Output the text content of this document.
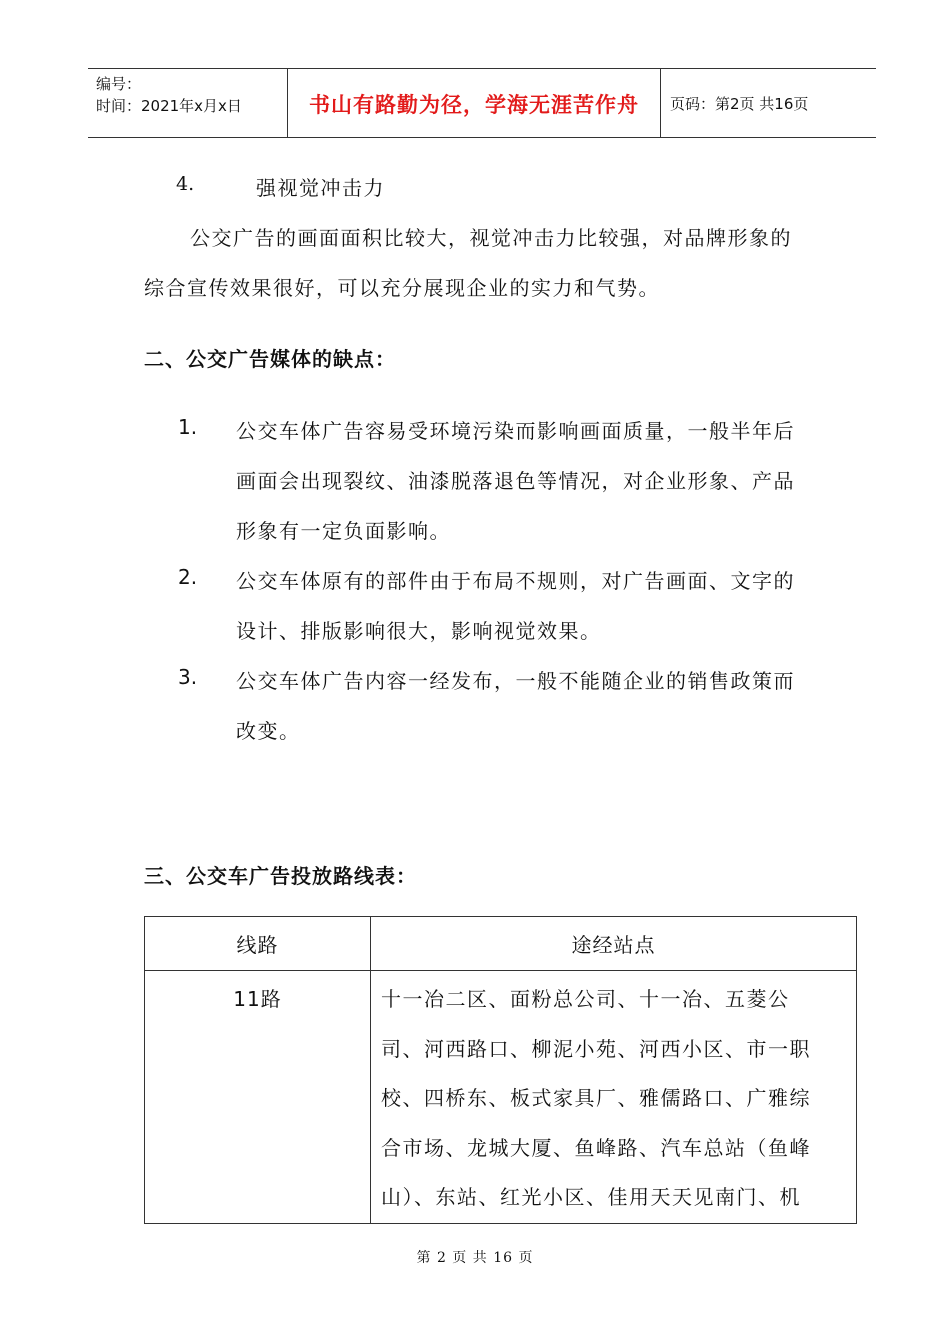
编号：
时间：2021年x月x日	书山有路勤为径，学海无涯苦作舟	页码：第2页 共16页
4.	强视觉冲击力
公交广告的画面面积比较大，视觉冲击力比较强，对品牌形象的
综合宣传效果很好，可以充分展现企业的实力和气势。
二、公交广告媒体的缺点：
1. 公交车体广告容易受环境污染而影响画面质量，一般半年后
画面会出现裂纹、油漆脱落退色等情况，对企业形象、产品
形象有一定负面影响。
2. 公交车体原有的部件由于布局不规则，对广告画面、文字的
设计、排版影响很大，影响视觉效果。
3. 公交车体广告内容一经发布，一般不能随企业的销售政策而
改变。
三、公交车广告投放路线表：
线路	途经站点
11路	十一冶二区、面粉总公司、十一冶、五菱公
司、河西路口、柳泥小苑、河西小区、市一职
校、四桥东、板式家具厂、雅儒路口、广雅综
合市场、龙城大厦、鱼峰路、汽车总站（鱼峰
山）、东站、红光小区、佳用天天见南门、机
第 2 页 共 16 页
